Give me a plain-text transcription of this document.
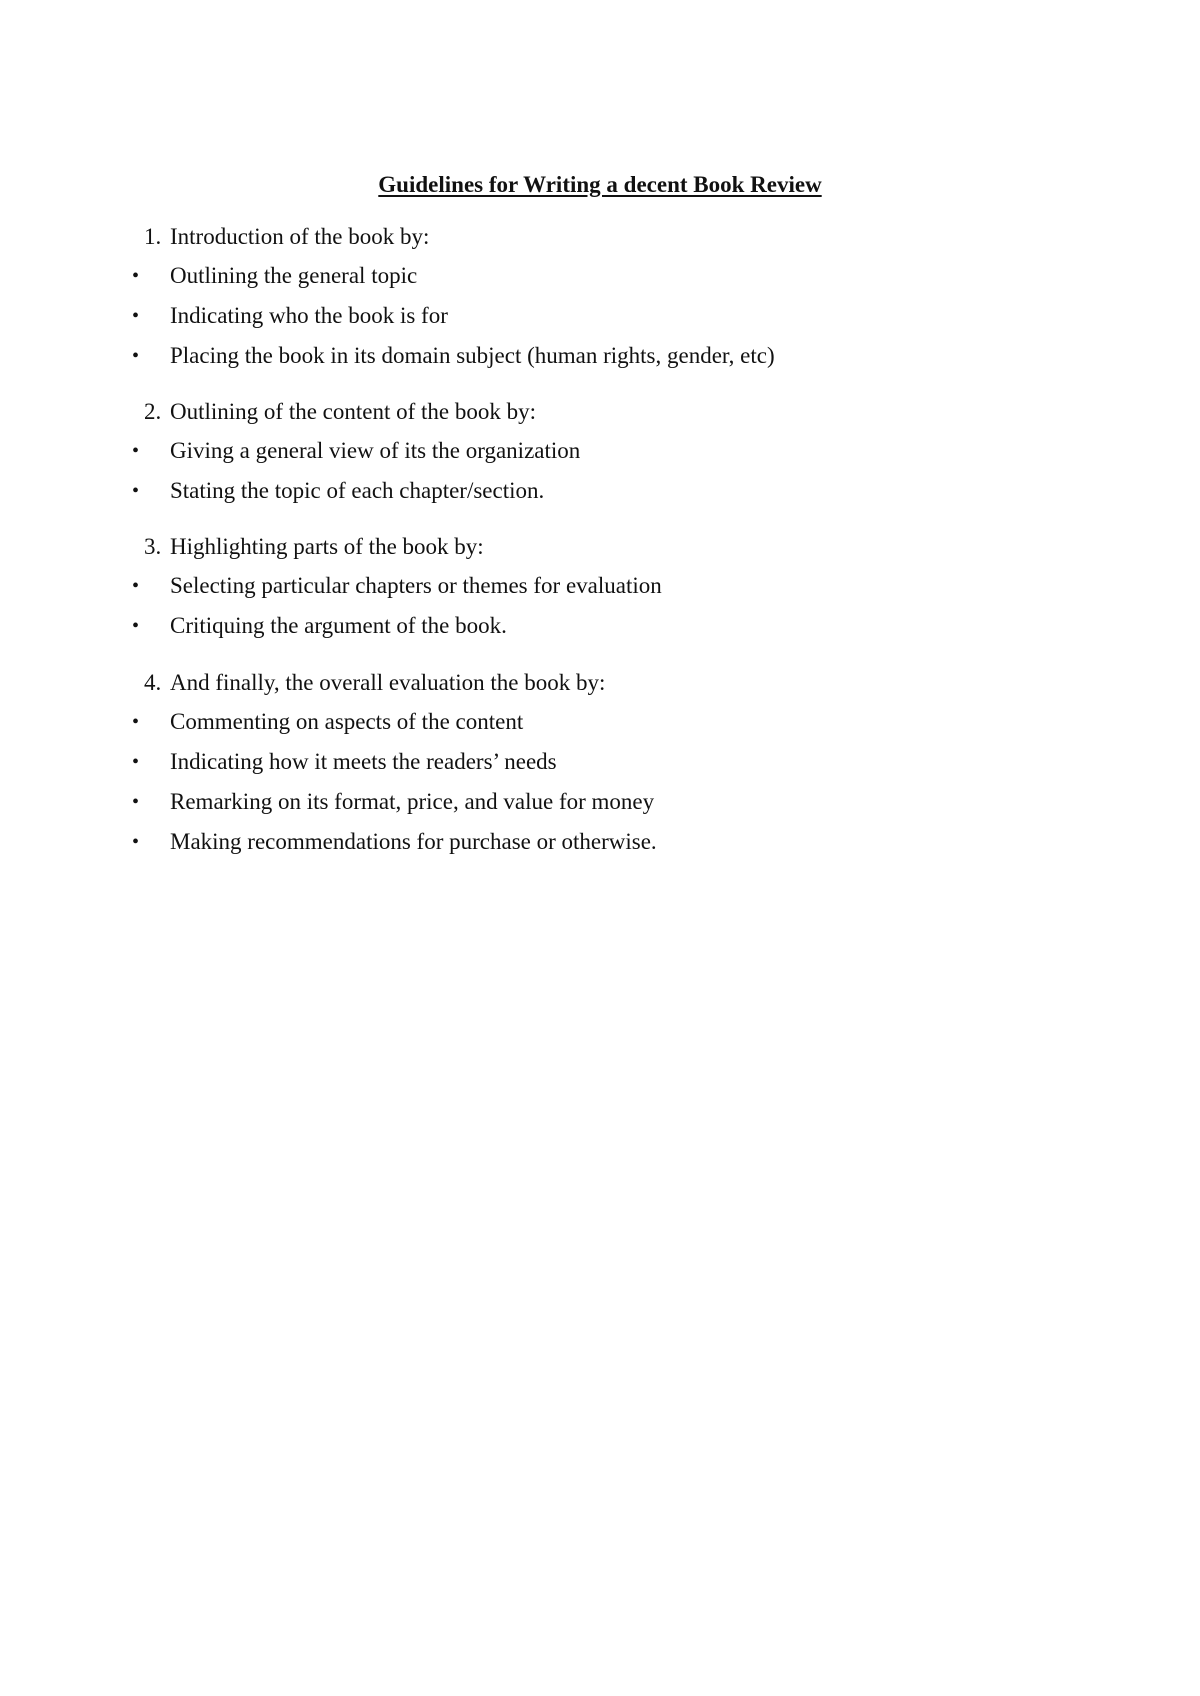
Guidelines for Writing a decent Book Review
1. Introduction of the book by:
• Outlining the general topic
• Indicating who the book is for
• Placing the book in its domain subject (human rights, gender, etc)
2. Outlining of the content of the book by:
• Giving a general view of its the organization
• Stating the topic of each chapter/section.
3. Highlighting parts of the book by:
• Selecting particular chapters or themes for evaluation
• Critiquing the argument of the book.
4. And finally, the overall evaluation the book by:
• Commenting on aspects of the content
• Indicating how it meets the readers’ needs
• Remarking on its format, price, and value for money
• Making recommendations for purchase or otherwise.
